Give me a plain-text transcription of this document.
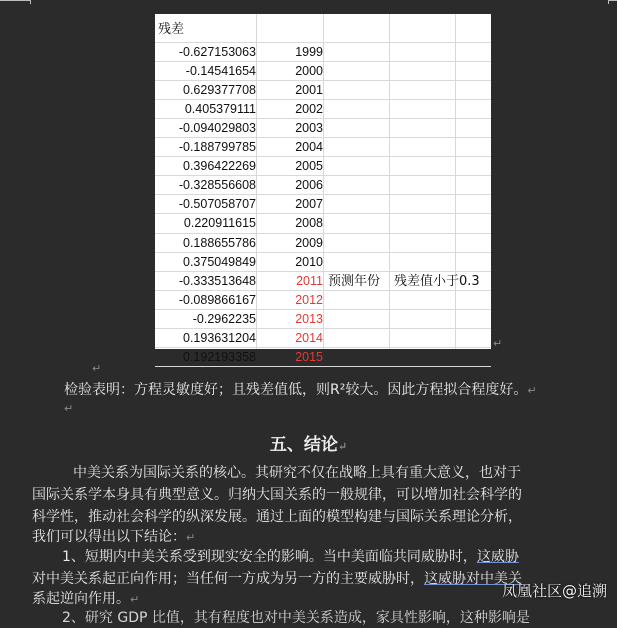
残差
-0.627153063	1999
-0.14541654	2000
0.629377708	2001
0.405379111	2002
-0.094029803	2003
-0.188799785	2004
0.396422269	2005
-0.328556608	2006
-0.507058707	2007
0.220911615	2008
0.188655786	2009
0.375049849	2010
-0.333513648	2011 预测年份 残差值小于0.3
-0.089866167	2012
-0.2962235	2013
0.193631204	2014
0.192193358	2015
↵
↵
检验表明：方程灵敏度好；且残差值低，则R²较大。因此方程拟合程度好。↵
↵
五、结论↵
中美关系为国际关系的核心。其研究不仅在战略上具有重大意义，也对于
国际关系学本身具有典型意义。归纳大国关系的一般规律，可以增加社会科学的
科学性，推动社会科学的纵深发展。通过上面的模型构建与国际关系理论分析，
我们可以得出以下结论：↵
1、短期内中美关系受到现实安全的影响。当中美面临共同威胁时，这威胁
对中美关系起正向作用；当任何一方成为另一方的主要威胁时，这威胁对中美关
系起逆向作用。↵
2、研究 GDP 比值，其有程度也对中美关系造成，家具性影响，这种影响是
凤凰社区@追溯
